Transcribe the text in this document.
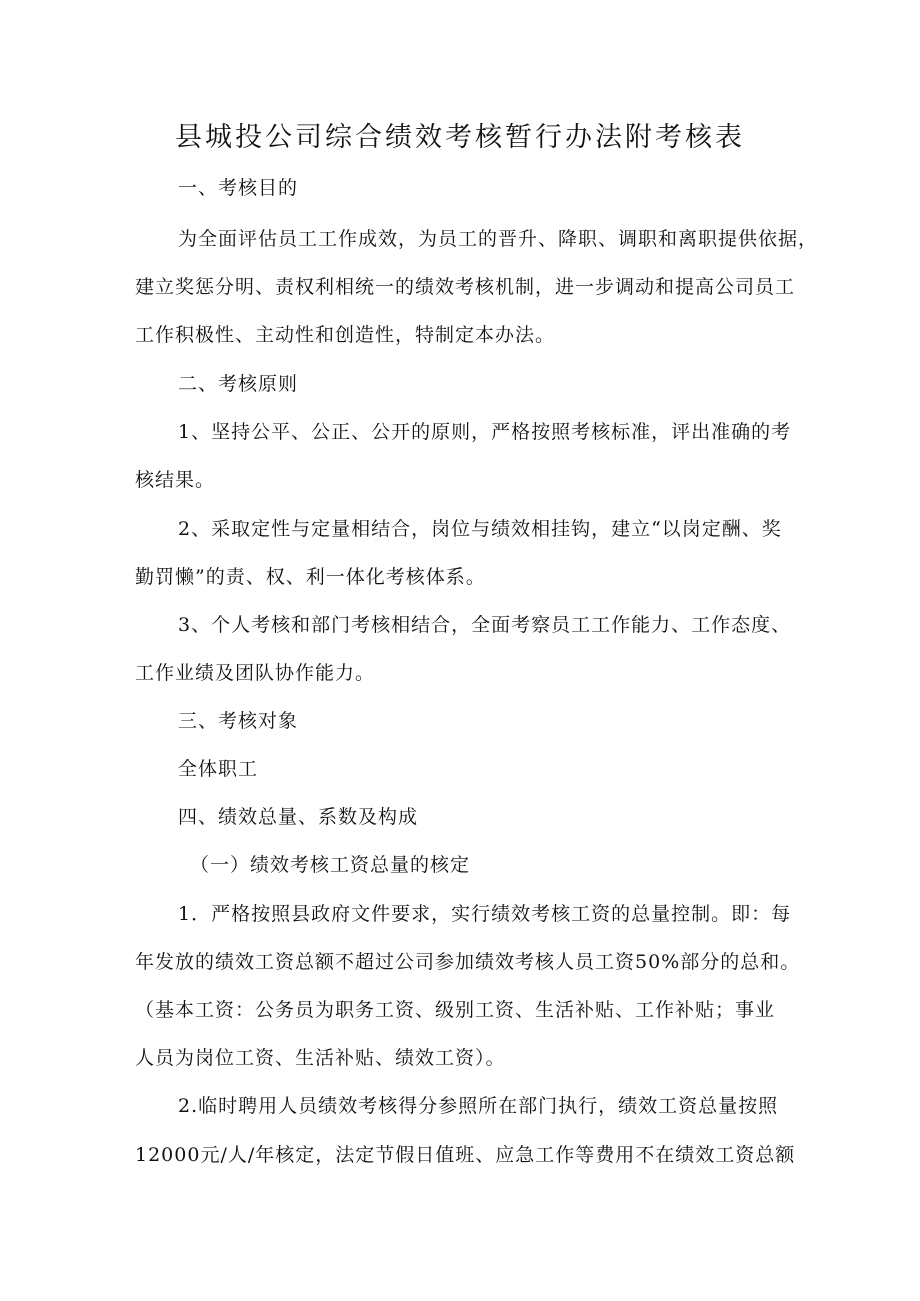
县城投公司综合绩效考核暂行办法附考核表

一、考核目的

为全面评估员工工作成效，为员工的晋升、降职、调职和离职提供依据，

建立奖惩分明、责权利相统一的绩效考核机制，进一步调动和提高公司员工

工作积极性、主动性和创造性，特制定本办法。

二、考核原则

1、坚持公平、公正、公开的原则，严格按照考核标准，评出准确的考

核结果。

2、采取定性与定量相结合，岗位与绩效相挂钩，建立“以岗定酬、奖

勤罚懒”的责、权、利一体化考核体系。

3、个人考核和部门考核相结合，全面考察员工工作能力、工作态度、

工作业绩及团队协作能力。

三、考核对象

全体职工

四、绩效总量、系数及构成

（一）绩效考核工资总量的核定

1．严格按照县政府文件要求，实行绩效考核工资的总量控制。即：每

年发放的绩效工资总额不超过公司参加绩效考核人员工资50%部分的总和。

（基本工资：公务员为职务工资、级别工资、生活补贴、工作补贴；事业

人员为岗位工资、生活补贴、绩效工资）。

2.临时聘用人员绩效考核得分参照所在部门执行，绩效工资总量按照

12000元/人/年核定，法定节假日值班、应急工作等费用不在绩效工资总额
